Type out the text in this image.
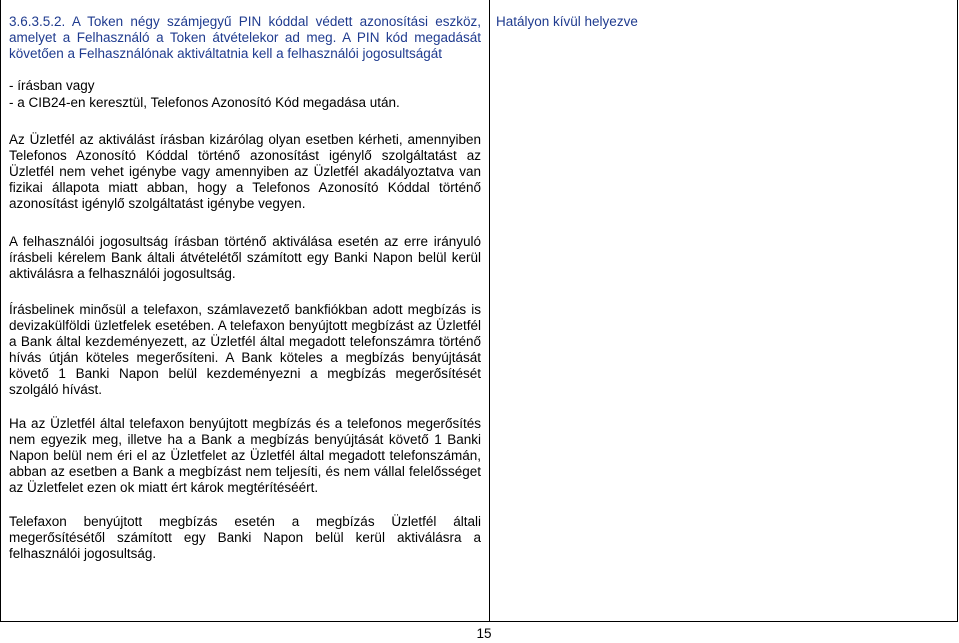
3.6.3.5.2. A Token négy számjegyű PIN kóddal védett azonosítási eszköz, amelyet a Felhasználó a Token átvételekor ad meg. A PIN kód megadását követően a Felhasználónak aktiváltatnia kell a felhasználói jogosultságát

Hatályon kívül helyezve

- írásban vagy

- a CIB24-en keresztül, Telefonos Azonosító Kód megadása után.

Az Üzletfél az aktiválást írásban kizárólag olyan esetben kérheti, amennyiben Telefonos Azonosító Kóddal történő azonosítást igénylő szolgáltatást az Üzletfél nem vehet igénybe vagy amennyiben az Üzletfél akadályoztatva van fizikai állapota miatt abban, hogy a Telefonos Azonosító Kóddal történő azonosítást igénylő szolgáltatást igénybe vegyen.

A felhasználói jogosultság írásban történő aktiválása esetén az erre irányuló írásbeli kérelem Bank általi átvételétől számított egy Banki Napon belül kerül aktiválásra a felhasználói jogosultság.

Írásbelinek minősül a telefaxon, számlavezető bankfiókban adott megbízás is devizakülföldi üzletfelek esetében. A telefaxon benyújtott megbízást az Üzletfél a Bank által kezdeményezett, az Üzletfél által megadott telefonszámra történő hívás útján köteles megerősíteni. A Bank köteles a megbízás benyújtását követő 1 Banki Napon belül kezdeményezni a megbízás megerősítését szolgáló hívást.

Ha az Üzletfél által telefaxon benyújtott megbízás és a telefonos megerősítés nem egyezik meg, illetve ha a Bank a megbízás benyújtását követő 1 Banki Napon belül nem éri el az Üzletfelet az Üzletfél által megadott telefonszámán, abban az esetben a Bank a megbízást nem teljesíti, és nem vállal felelősséget az Üzletfelet ezen ok miatt ért károk megtérítéséért.

Telefaxon benyújtott megbízás esetén a megbízás Üzletfél általi megerősítésétől számított egy Banki Napon belül kerül aktiválásra a felhasználói jogosultság.

15
